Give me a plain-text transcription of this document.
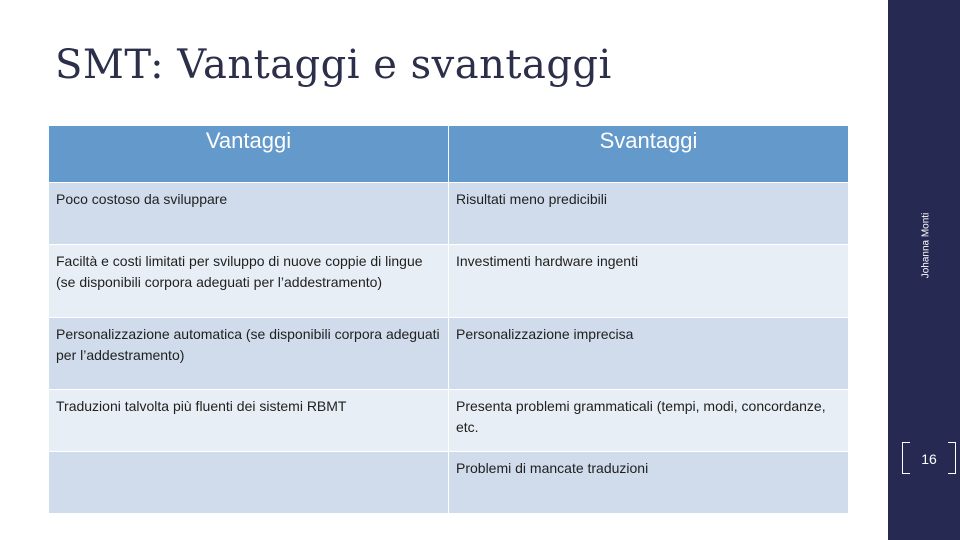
SMT: Vantaggi e svantaggi
Johanna Monti
16
Vantaggi	Svantaggi
Poco costoso da sviluppare	Risultati meno predicibili
Faciltà e costi limitati per sviluppo di nuove coppie di lingue (se disponibili corpora adeguati per l’addestramento)	Investimenti hardware ingenti
Personalizzazione automatica (se disponibili corpora adeguati per l’addestramento)	Personalizzazione imprecisa
Traduzioni talvolta più fluenti dei sistemi RBMT	Presenta problemi grammaticali (tempi, modi, concordanze, etc.
	Problemi di mancate traduzioni
